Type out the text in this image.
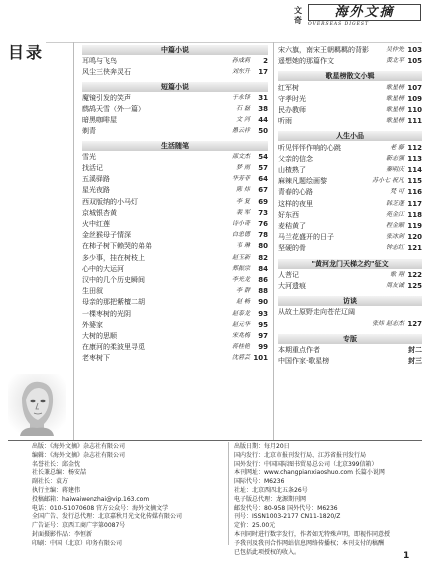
文奇	海外文摘
OVERSEAS DIGEST
目录	中篇小说
耳鸣与飞鸟	孙成莉	2
风尘三侠奔灵石	刘东升	17
短篇小说
魔镜引发的笑声	于永铎	31
鹧鸪天雪（外一篇）	石 磊	38
暗黑咖啡屋	文 河	44
剃青	愚云祥	50
生活随笔
雪光	邵文杰	54
找活记	梦 雨	57
五溪驿路	华芳菲	64
星光夜路	陈 炜	67
西双版纳的小马灯	李 复	69
京城银杏黄	裴 军	73
火中红莲	诗小奇	76
金丝猴母子情深	白忠德	78
在柿子树下赖哭的弟弟	韦 琳	80
多少事，挂在树枝上	赵玉新	82
心中的大运河	郑振宗	84
汉中的几个历史瞬间	李光龙	86
生田叙	李 群	88
母亲的那把紫檀二胡	赵 畅	90
一棵枣树的光阴	赵泰龙	93
外婆家	赵元华	95
大树的思顺	宋兆梅	97
在康河的柔波里寻觅	蒋桂艳	99
老枣树下	沈碧芸 101
宋六旗，南宋王朝羁羁的背影	吴仲先 103
遥想她的那篇作文	黄北平 105
歌星榜散文小辑
红军树	歌星榜 107
守孝时光	歌星榜 109
民办教师	歌星榜 110
听雨	歌星榜 111
人生小品
听见怦怦作响的心跳	老 藤 112
父亲的信念	靳志强 113
山楂熟了	秦明庆 114
麻辣凡题绘画黎	苏小七 祝凡 115
青春的心路	梵 可 116
这样的夜里	韩芝蓬 117
好东西	苑金江 118
麦秸黄了	程金顺 119
马兰花盛开的日子	张冰剑 120
坚硬的骨	钟志红 121
"黄河龙门天梯之约"征文
人菩记	歌 翔 122
大河遗痕	周友诚 125
访谈
从故土原野走向苍茫辽阔
张炜 赵志杰 127
专版
本期重点作者	封二
中国作家·歌星榜	封三
出版：《海外文摘》杂志社有限公司
编辑：《海外文摘》杂志社有限公司
名誉社长：邱金忱
社长兼总编：杨安喆
副社长：袁方
执行主编：蒋建伟
投稿邮箱：haiwaiwenzhai@vip.163.com
电话：010-51070608 官方公众号：海外文摘文学
全国广告、发行总代理：北京嘉秋月光文化传媒有限公司
广告证号：京西工商广字第0087号
封面摄影作品：李恒新
印刷：中国（北京）印务有限公司
出版日期：每月20日
国内发行：北京市报刊发行局、江苏省报刊发行局
国外发行：中国国际图书贸易总公司（北京399信箱）
本刊网址：www.changpianxiaoshuo.com 长篇小说网
国际代号：M6236
社址：北京西四北五条26号
电子版总代理：龙源期刊网
邮发代号：80-958 国外代号：M6236
刊号：ISSN1003-2177 CN11-1820/Z
定价：25.00元
本刊同时进行数字发行，作者如无特殊声明，即视作同意授
予我刊及我刊合作网站信息网络传播权；本刊支付的稿酬
已包括此项授权的收入。	1
